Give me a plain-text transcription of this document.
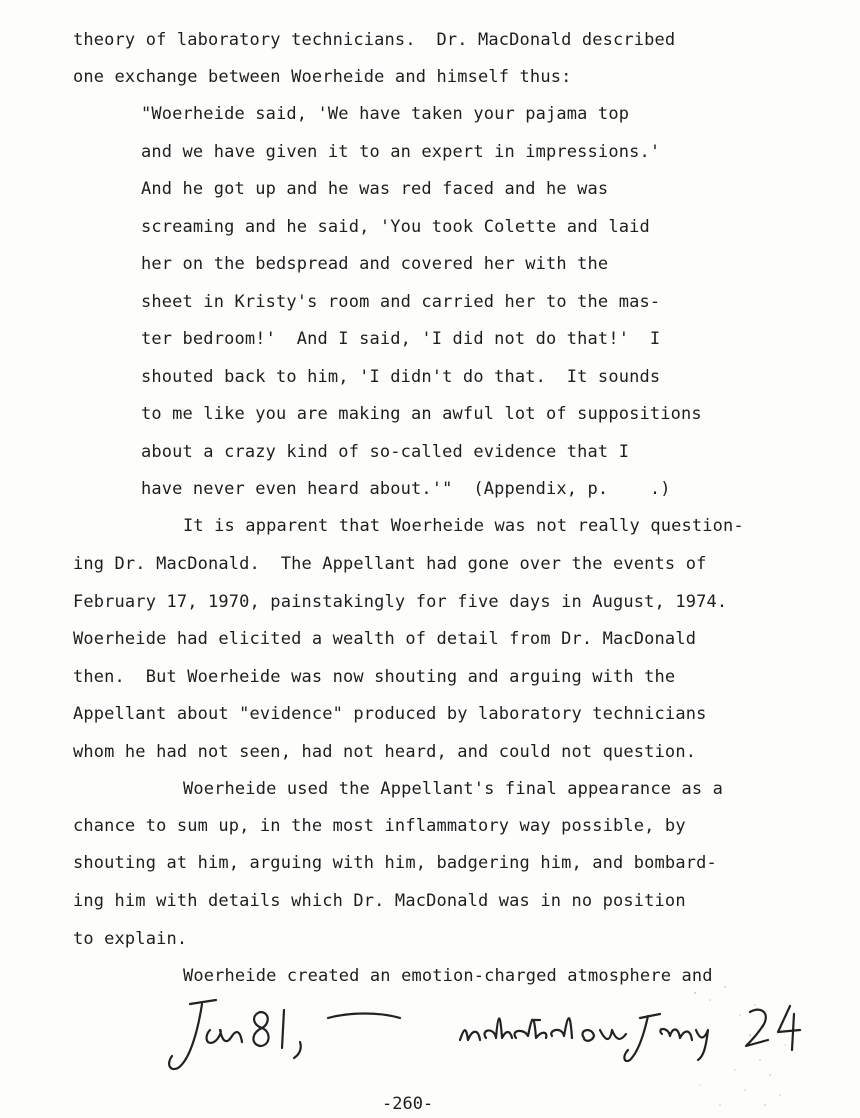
theory of laboratory technicians.  Dr. MacDonald described
one exchange between Woerheide and himself thus:
"Woerheide said, 'We have taken your pajama top
and we have given it to an expert in impressions.'
And he got up and he was red faced and he was
screaming and he said, 'You took Colette and laid
her on the bedspread and covered her with the
sheet in Kristy's room and carried her to the mas-
ter bedroom!'  And I said, 'I did not do that!'  I
shouted back to him, 'I didn't do that.  It sounds
to me like you are making an awful lot of suppositions
about a crazy kind of so-called evidence that I
have never even heard about.'"  (Appendix, p.    .)
It is apparent that Woerheide was not really question-
ing Dr. MacDonald.  The Appellant had gone over the events of
February 17, 1970, painstakingly for five days in August, 1974.
Woerheide had elicited a wealth of detail from Dr. MacDonald
then.  But Woerheide was now shouting and arguing with the
Appellant about "evidence" produced by laboratory technicians
whom he had not seen, had not heard, and could not question.
Woerheide used the Appellant's final appearance as a
chance to sum up, in the most inflammatory way possible, by
shouting at him, arguing with him, badgering him, and bombard-
ing him with details which Dr. MacDonald was in no position
to explain.
Woerheide created an emotion-charged atmosphere and
-260-
